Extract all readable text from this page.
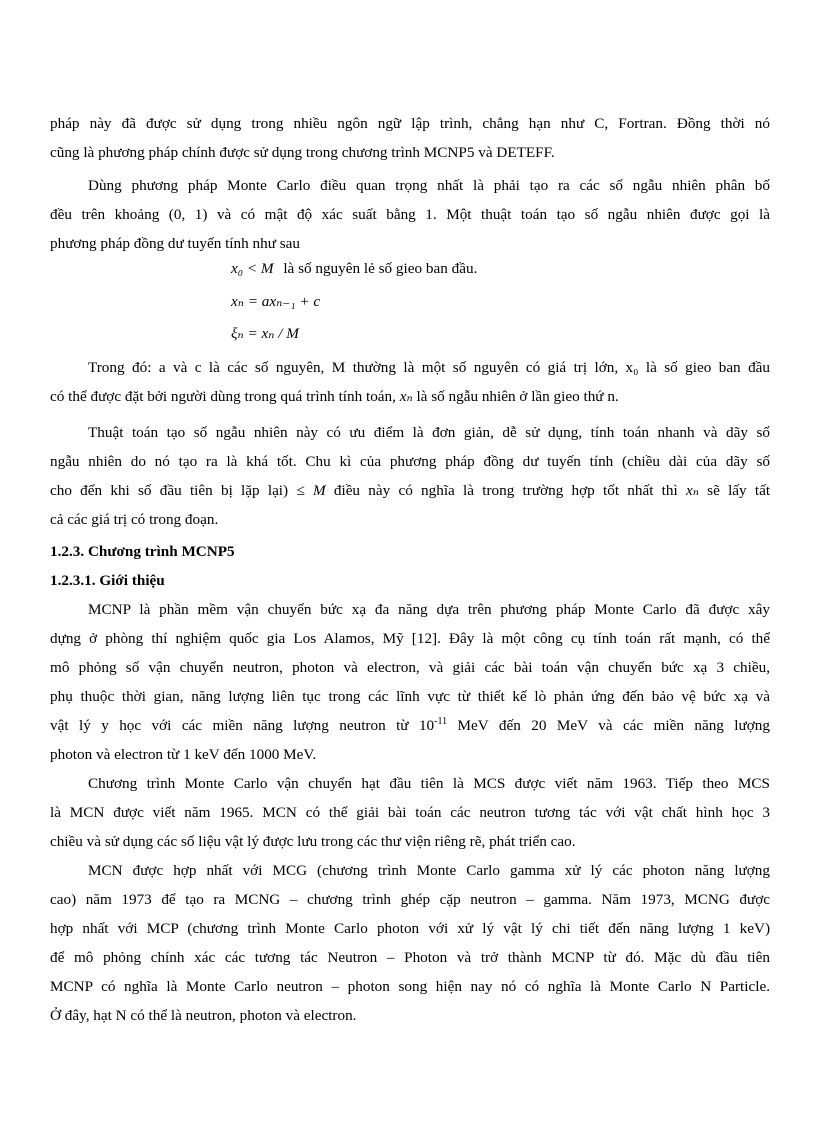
pháp này đã được sử dụng trong nhiều ngôn ngữ lập trình, chẳng hạn như C, Fortran. Đồng thời nó
cũng là phương pháp chính được sử dụng trong chương trình MCNP5 và DETEFF.
Dùng phương pháp Monte Carlo điều quan trọng nhất là phải tạo ra các số ngẫu nhiên phân bố
đều trên khoảng (0, 1) và có mật độ xác suất bằng 1. Một thuật toán tạo số ngẫu nhiên được gọi là
phương pháp đồng dư tuyến tính như sau
x₀ < M là số nguyên lẻ số gieo ban đầu.
xₙ = axₙ₋₁ + c
ξₙ = xₙ / M
Trong đó: a và c là các số nguyên, M thường là một số nguyên có giá trị lớn, x₀ là số gieo ban đầu
có thể được đặt bởi người dùng trong quá trình tính toán, xₙ là số ngẫu nhiên ở lần gieo thứ n.
Thuật toán tạo số ngẫu nhiên này có ưu điểm là đơn giản, dễ sử dụng, tính toán nhanh và dãy số
ngẫu nhiên do nó tạo ra là khá tốt. Chu kì của phương pháp đồng dư tuyến tính (chiều dài của dãy số
cho đến khi số đầu tiên bị lặp lại) ≤ M điều này có nghĩa là trong trường hợp tốt nhất thì xₙ sẽ lấy tất
cả các giá trị có trong đoạn.
1.2.3. Chương trình MCNP5
1.2.3.1. Giới thiệu
MCNP là phần mềm vận chuyển bức xạ đa năng dựa trên phương pháp Monte Carlo đã được xây
dựng ở phòng thí nghiệm quốc gia Los Alamos, Mỹ [12]. Đây là một công cụ tính toán rất mạnh, có thể
mô phỏng số vận chuyển neutron, photon và electron, và giải các bài toán vận chuyển bức xạ 3 chiều,
phụ thuộc thời gian, năng lượng liên tục trong các lĩnh vực từ thiết kế lò phản ứng đến bảo vệ bức xạ và
vật lý y học với các miền năng lượng neutron từ $10^{-11}$ MeV đến 20 MeV và các miền năng lượng
photon và electron từ 1 keV đến 1000 MeV.
Chương trình Monte Carlo vận chuyển hạt đầu tiên là MCS được viết năm 1963. Tiếp theo MCS
là MCN được viết năm 1965. MCN có thể giải bài toán các neutron tương tác với vật chất hình học 3
chiều và sử dụng các số liệu vật lý được lưu trong các thư viện riêng rẽ, phát triển cao.
MCN được hợp nhất với MCG (chương trình Monte Carlo gamma xử lý các photon năng lượng
cao) năm 1973 để tạo ra MCNG – chương trình ghép cặp neutron – gamma. Năm 1973, MCNG được
hợp nhất với MCP (chương trình Monte Carlo photon với xử lý vật lý chi tiết đến năng lượng 1 keV)
để mô phỏng chính xác các tương tác Neutron – Photon và trở thành MCNP từ đó. Mặc dù đầu tiên
MCNP có nghĩa là Monte Carlo neutron – photon song hiện nay nó có nghĩa là Monte Carlo N Particle.
Ở đây, hạt N có thể là neutron, photon và electron.
